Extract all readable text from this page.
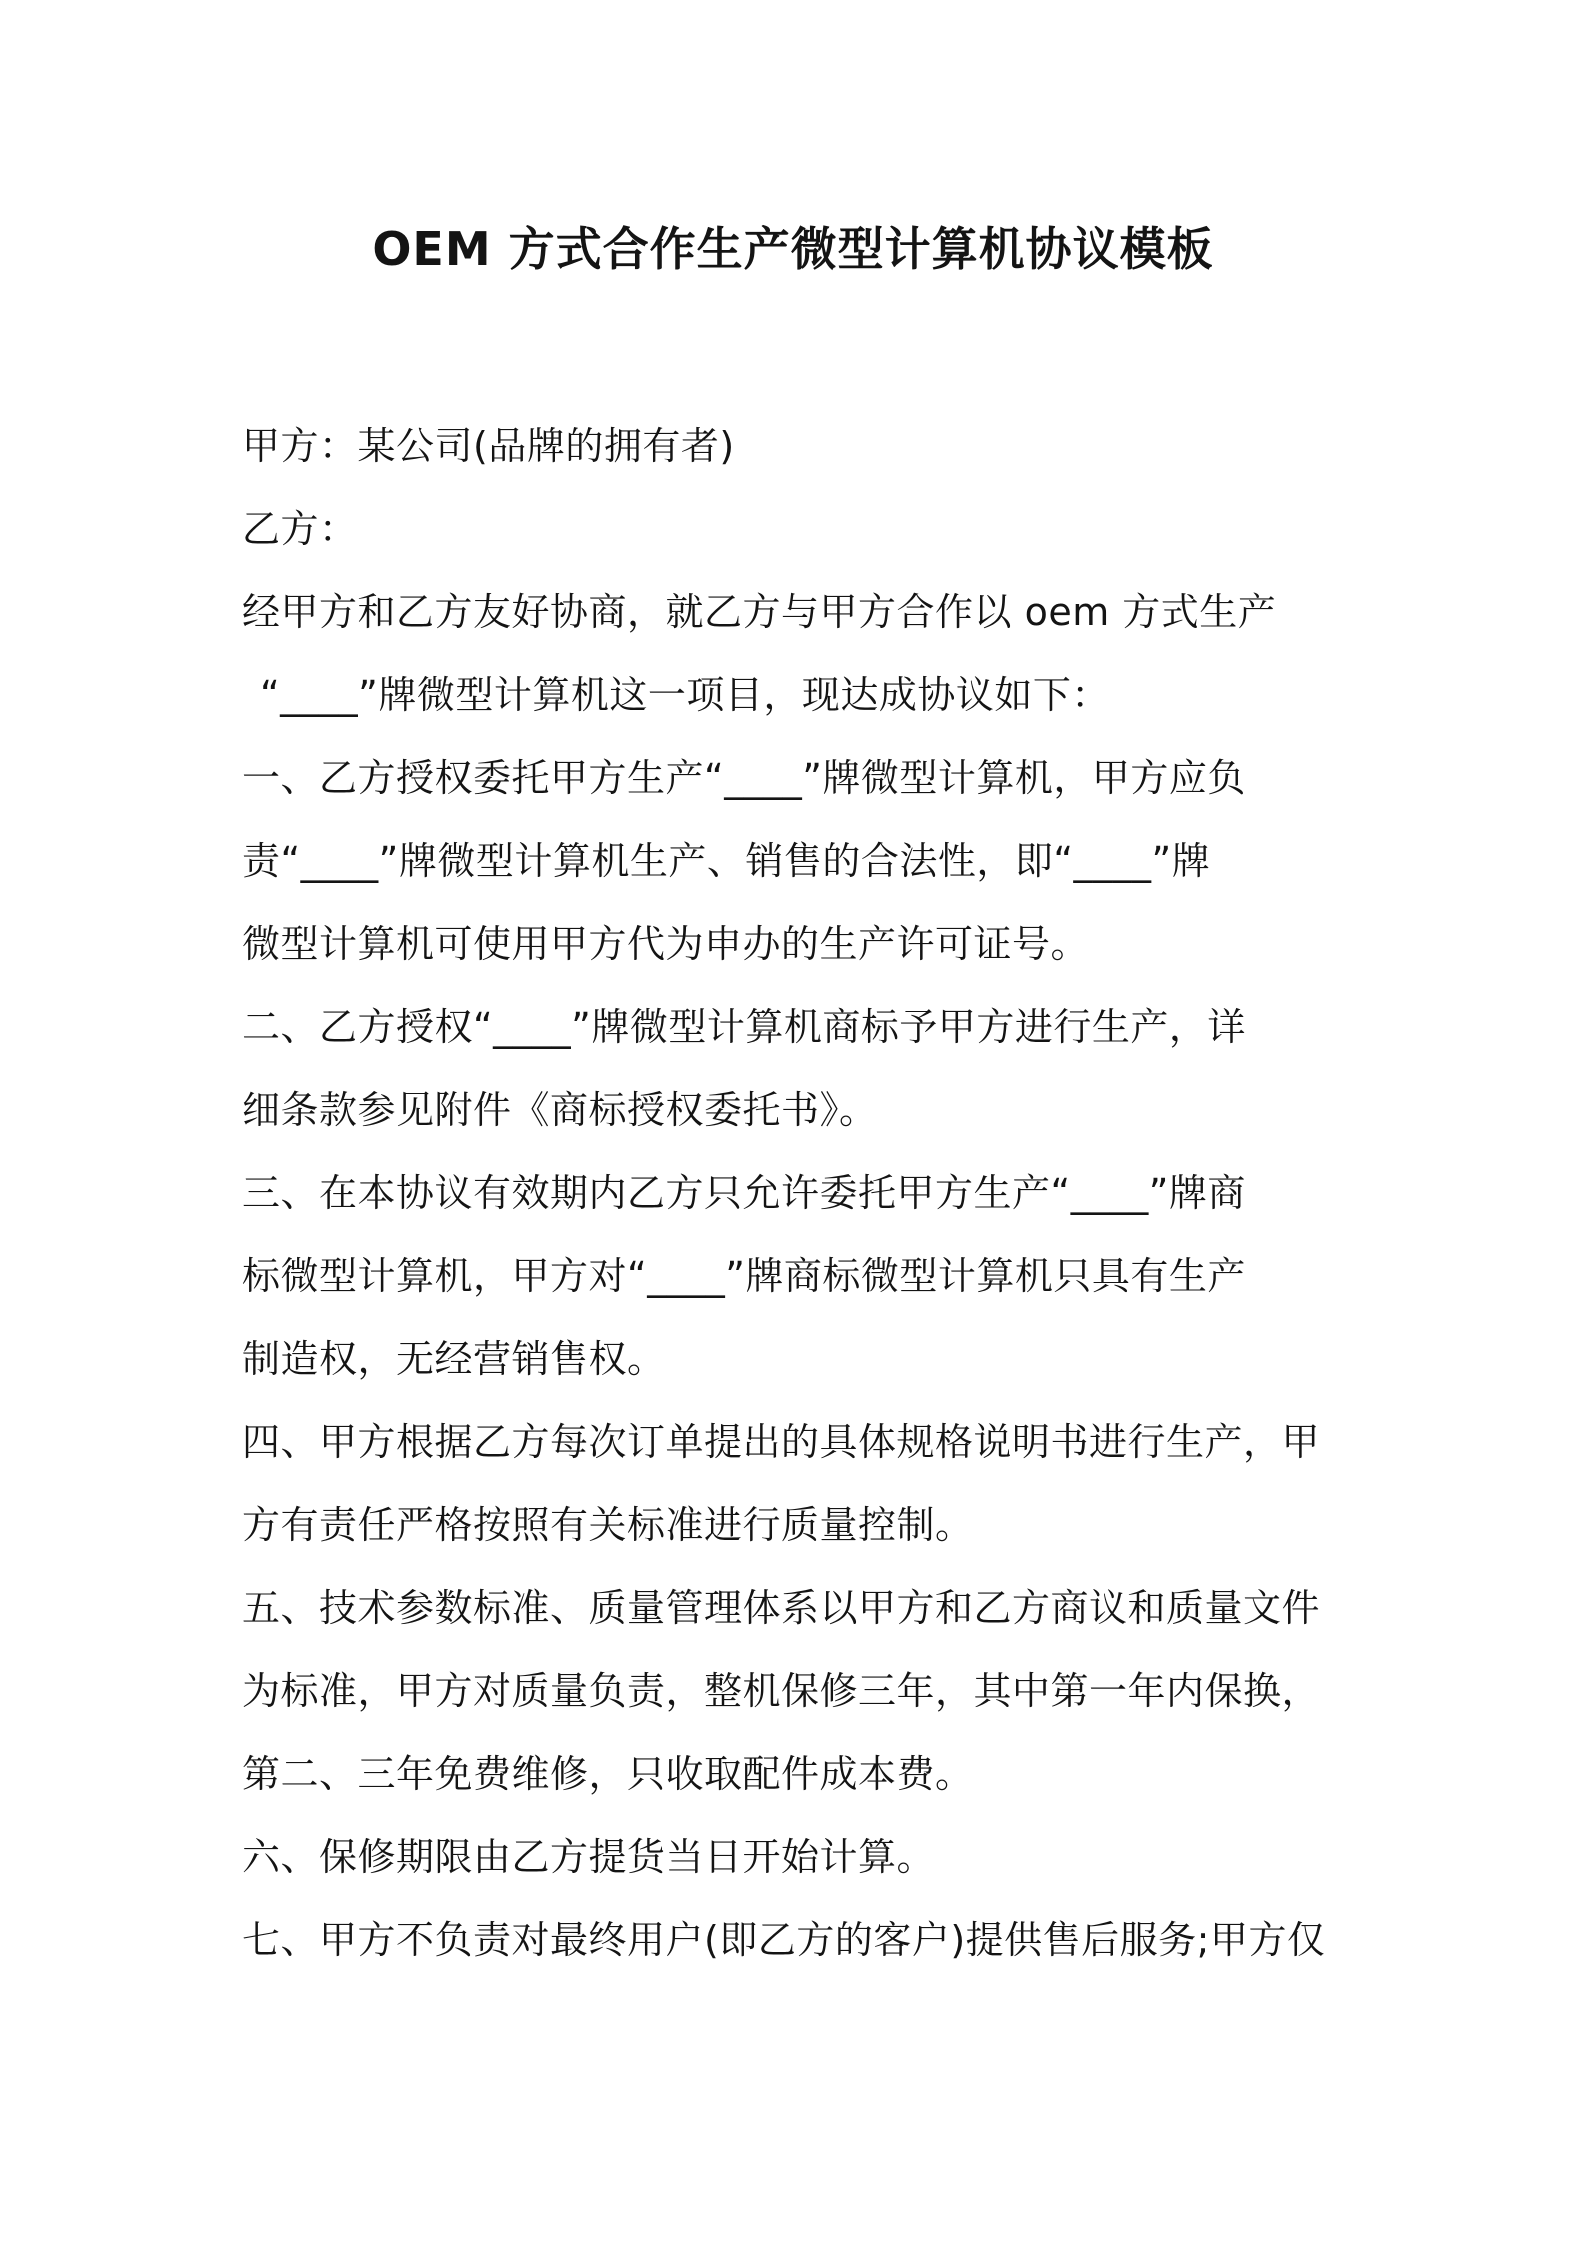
OEM 方式合作生产微型计算机协议模板

甲方：某公司(品牌的拥有者)

乙方：

经甲方和乙方友好协商，就乙方与甲方合作以 oem 方式生产
“____”牌微型计算机这一项目，现达成协议如下：

一、乙方授权委托甲方生产“____”牌微型计算机，甲方应负
责“____”牌微型计算机生产、销售的合法性，即“____”牌
微型计算机可使用甲方代为申办的生产许可证号。

二、乙方授权“____”牌微型计算机商标予甲方进行生产，详
细条款参见附件《商标授权委托书》。

三、在本协议有效期内乙方只允许委托甲方生产“____”牌商
标微型计算机，甲方对“____”牌商标微型计算机只具有生产
制造权，无经营销售权。

四、甲方根据乙方每次订单提出的具体规格说明书进行生产，甲
方有责任严格按照有关标准进行质量控制。

五、技术参数标准、质量管理体系以甲方和乙方商议和质量文件
为标准，甲方对质量负责，整机保修三年，其中第一年内保换，
第二、三年免费维修，只收取配件成本费。

六、保修期限由乙方提货当日开始计算。

七、甲方不负责对最终用户(即乙方的客户)提供售后服务;甲方仅
